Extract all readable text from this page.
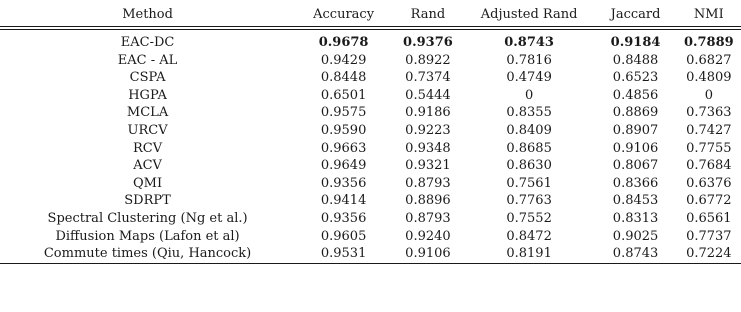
Method	Accuracy	Rand	Adjusted Rand	Jaccard	NMI
EAC-DC	0.9678	0.9376	0.8743	0.9184	0.7889
EAC - AL	0.9429	0.8922	0.7816	0.8488	0.6827
CSPA	0.8448	0.7374	0.4749	0.6523	0.4809
HGPA	0.6501	0.5444	0	0.4856	0
MCLA	0.9575	0.9186	0.8355	0.8869	0.7363
URCV	0.9590	0.9223	0.8409	0.8907	0.7427
RCV	0.9663	0.9348	0.8685	0.9106	0.7755
ACV	0.9649	0.9321	0.8630	0.8067	0.7684
QMI	0.9356	0.8793	0.7561	0.8366	0.6376
SDRPT	0.9414	0.8896	0.7763	0.8453	0.6772
Spectral Clustering (Ng et al.)	0.9356	0.8793	0.7552	0.8313	0.6561
Diffusion Maps (Lafon et al)	0.9605	0.9240	0.8472	0.9025	0.7737
Commute times (Qiu, Hancock)	0.9531	0.9106	0.8191	0.8743	0.7224
